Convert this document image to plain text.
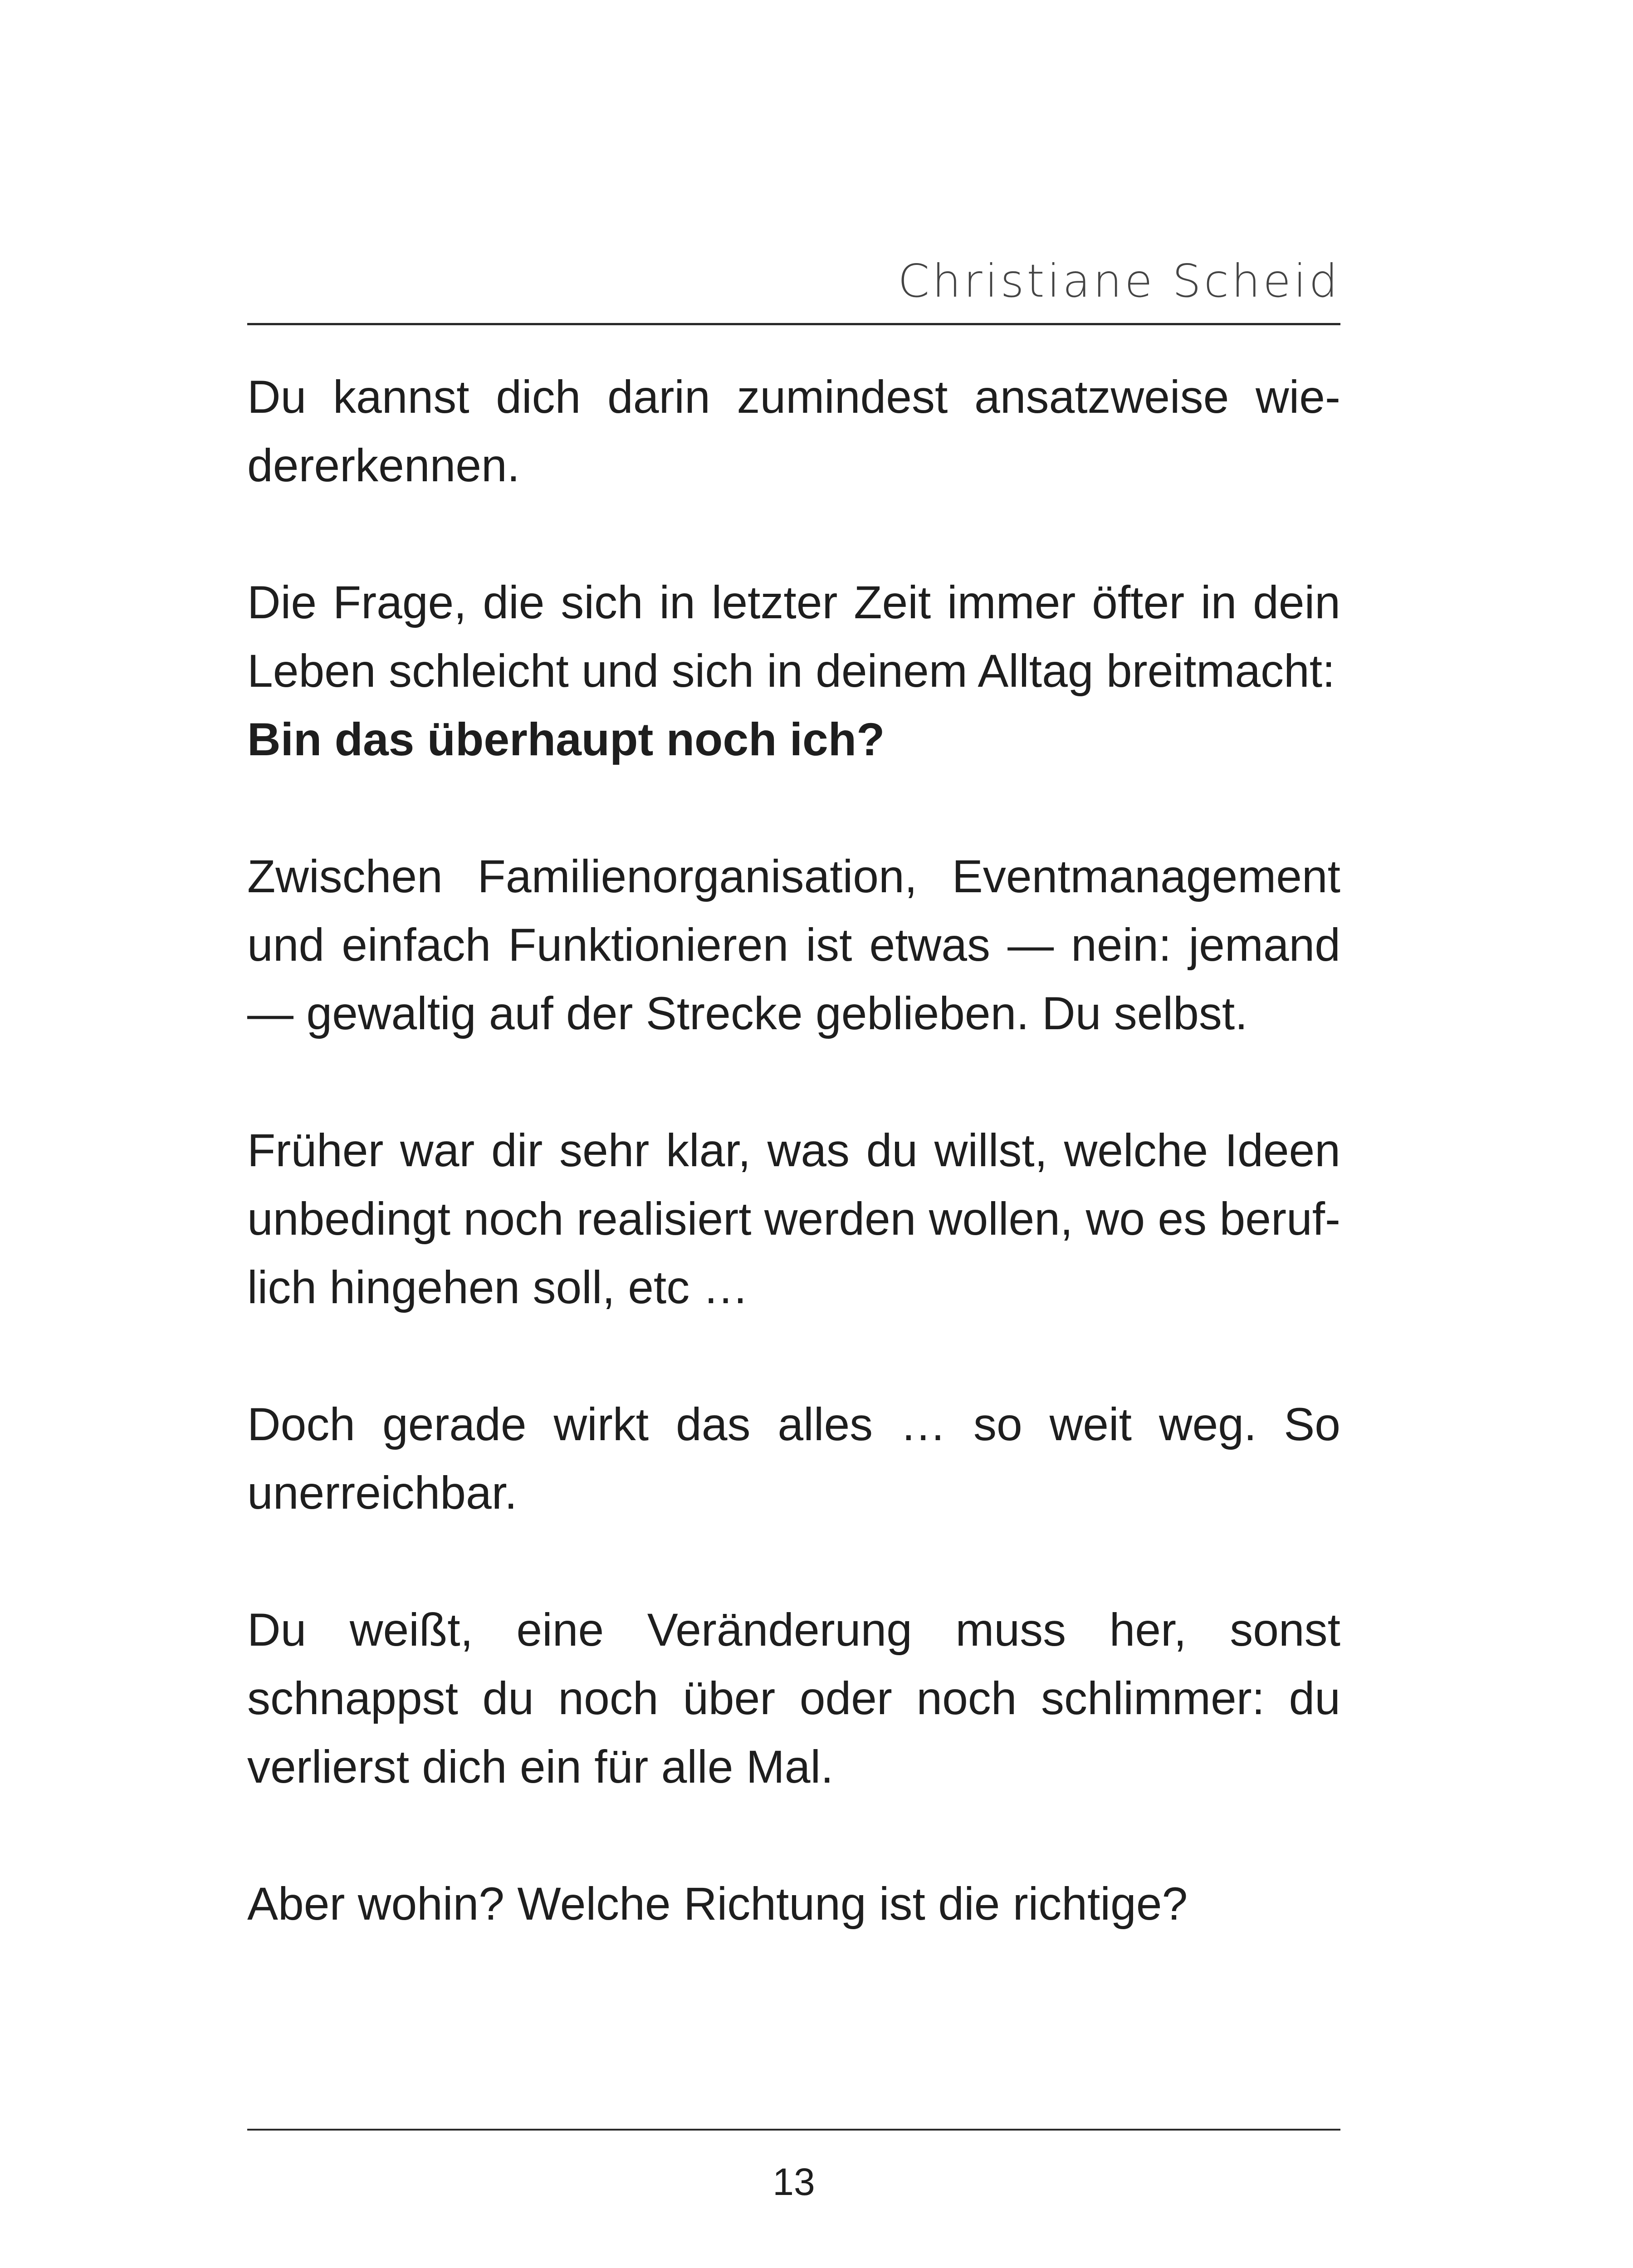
Christiane Scheid

Du kannst dich darin zumindest ansatzweise wiedererkennen.

Die Frage, die sich in letzter Zeit immer öfter in dein Leben schleicht und sich in deinem Alltag breitmacht:
Bin das überhaupt noch ich?

Zwischen Familienorganisation, Eventmanagement und einfach Funktionieren ist etwas — nein: jemand — gewaltig auf der Strecke geblieben. Du selbst.

Früher war dir sehr klar, was du willst, welche Ideen unbedingt noch realisiert werden wollen, wo es beruflich hingehen soll, etc …

Doch gerade wirkt das alles … so weit weg. So unerreichbar.

Du weißt, eine Veränderung muss her, sonst schnappst du noch über oder noch schlimmer: du verlierst dich ein für alle Mal.

Aber wohin? Welche Richtung ist die richtige?

13
